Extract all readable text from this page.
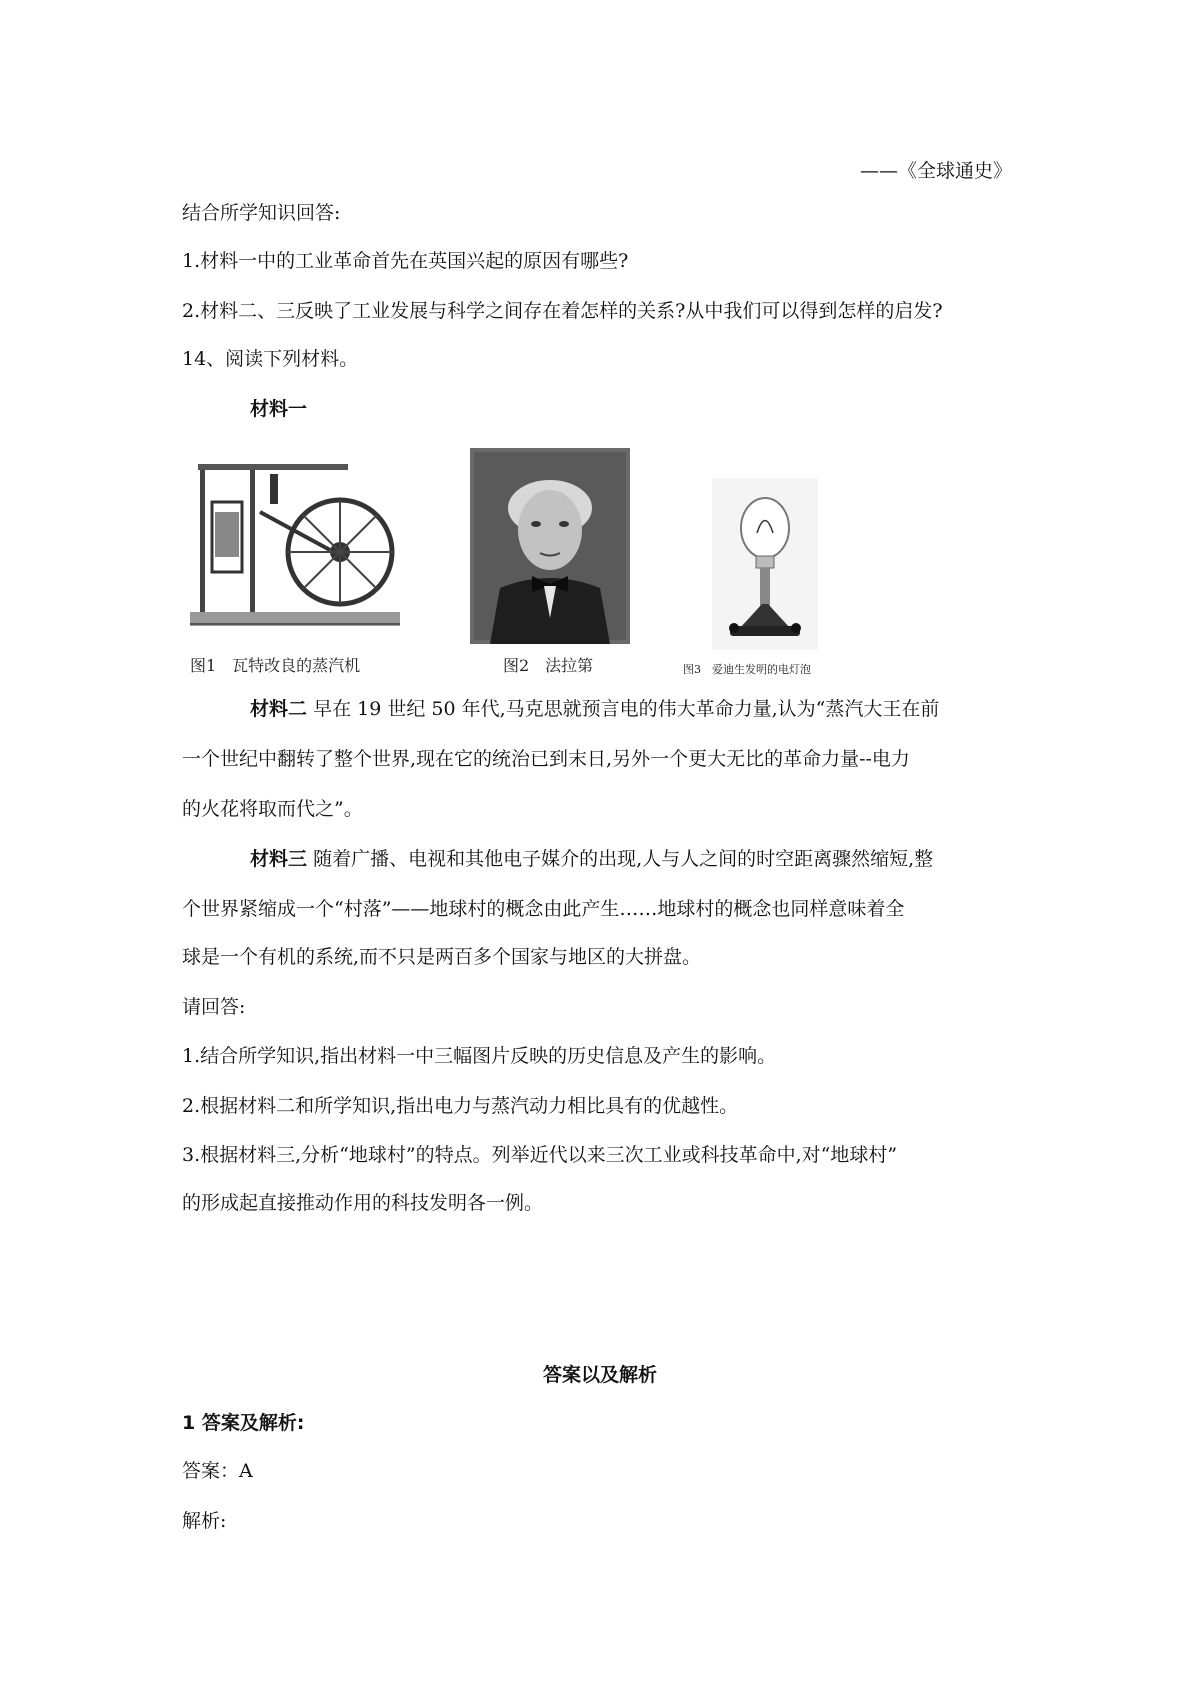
——《全球通史》
结合所学知识回答:
1.材料一中的工业革命首先在英国兴起的原因有哪些?
2.材料二、三反映了工业发展与科学之间存在着怎样的关系?从中我们可以得到怎样的启发?
14、阅读下列材料。
材料一
图1　瓦特改良的蒸汽机	图2　法拉第	图3　爱迪生发明的电灯泡
材料二 早在 19 世纪 50 年代,马克思就预言电的伟大革命力量,认为“蒸汽大王在前
一个世纪中翻转了整个世界,现在它的统治已到末日,另外一个更大无比的革命力量--电力
的火花将取而代之”。
材料三 随着广播、电视和其他电子媒介的出现,人与人之间的时空距离骤然缩短,整
个世界紧缩成一个“村落”——地球村的概念由此产生……地球村的概念也同样意味着全
球是一个有机的系统,而不只是两百多个国家与地区的大拼盘。
请回答:
1.结合所学知识,指出材料一中三幅图片反映的历史信息及产生的影响。
2.根据材料二和所学知识,指出电力与蒸汽动力相比具有的优越性。
3.根据材料三,分析“地球村”的特点。列举近代以来三次工业或科技革命中,对“地球村”
的形成起直接推动作用的科技发明各一例。
答案以及解析
1 答案及解析:
答案：A
解析:
